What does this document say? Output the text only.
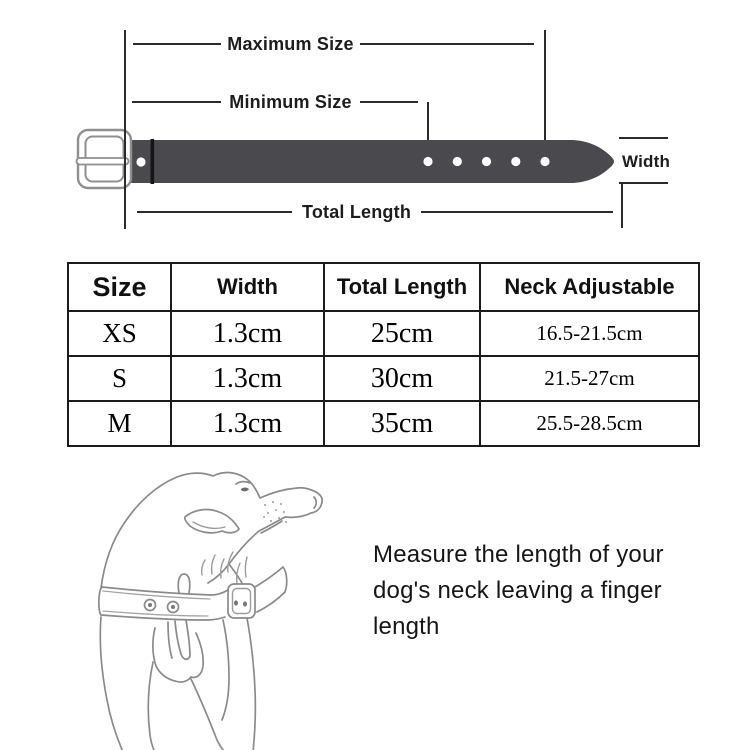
Maximum Size
Minimum Size
Total Length
Width
Size	Width	Total Length	Neck Adjustable
XS	1.3cm	25cm	16.5-21.5cm
S	1.3cm	30cm	21.5-27cm
M	1.3cm	35cm	25.5-28.5cm
Measure the length of your
dog's neck leaving a finger
length
